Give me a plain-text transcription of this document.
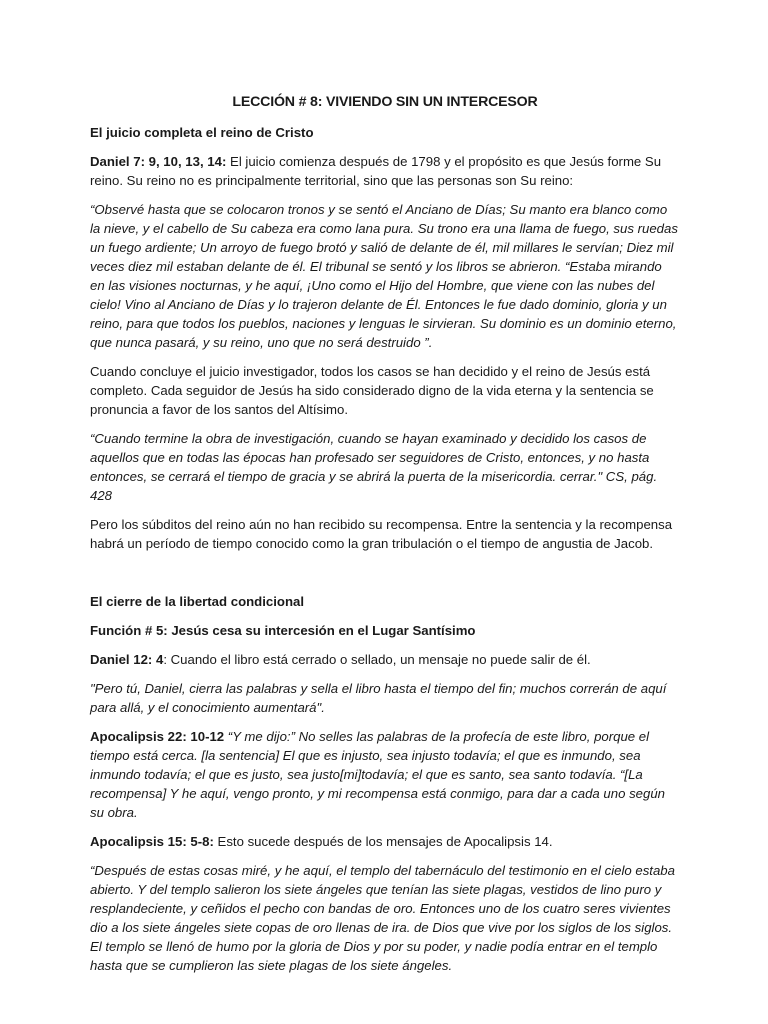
LECCIÓN # 8: VIVIENDO SIN UN INTERCESOR

El juicio completa el reino de Cristo

Daniel 7: 9, 10, 13, 14: El juicio comienza después de 1798 y el propósito es que Jesús forme Su reino. Su reino no es principalmente territorial, sino que las personas son Su reino:

“Observé hasta que se colocaron tronos y se sentó el Anciano de Días; Su manto era blanco como la nieve, y el cabello de Su cabeza era como lana pura. Su trono era una llama de fuego, sus ruedas un fuego ardiente; Un arroyo de fuego brotó y salió de delante de él, mil millares le servían; Diez mil veces diez mil estaban delante de él. El tribunal se sentó y los libros se abrieron. “Estaba mirando en las visiones nocturnas, y he aquí, ¡Uno como el Hijo del Hombre, que viene con las nubes del cielo! Vino al Anciano de Días y lo trajeron delante de Él. Entonces le fue dado dominio, gloria y un reino, para que todos los pueblos, naciones y lenguas le sirvieran. Su dominio es un dominio eterno, que nunca pasará, y su reino, uno que no será destruido ”.

Cuando concluye el juicio investigador, todos los casos se han decidido y el reino de Jesús está completo. Cada seguidor de Jesús ha sido considerado digno de la vida eterna y la sentencia se pronuncia a favor de los santos del Altísimo.

“Cuando termine la obra de investigación, cuando se hayan examinado y decidido los casos de aquellos que en todas las épocas han profesado ser seguidores de Cristo, entonces, y no hasta entonces, se cerrará el tiempo de gracia y se abrirá la puerta de la misericordia. cerrar." CS, pág. 428

Pero los súbditos del reino aún no han recibido su recompensa. Entre la sentencia y la recompensa habrá un período de tiempo conocido como la gran tribulación o el tiempo de angustia de Jacob.

El cierre de la libertad condicional

Función # 5: Jesús cesa su intercesión en el Lugar Santísimo

Daniel 12: 4: Cuando el libro está cerrado o sellado, un mensaje no puede salir de él.

"Pero tú, Daniel, cierra las palabras y sella el libro hasta el tiempo del fin; muchos correrán de aquí para allá, y el conocimiento aumentará".

Apocalipsis 22: 10-12 “Y me dijo:” No selles las palabras de la profecía de este libro, porque el tiempo está cerca. [la sentencia] El que es injusto, sea injusto todavía; el que es inmundo, sea inmundo todavía; el que es justo, sea justo[mi]todavía; el que es santo, sea santo todavía. “[La recompensa] Y he aquí, vengo pronto, y mi recompensa está conmigo, para dar a cada uno según su obra.

Apocalipsis 15: 5-8: Esto sucede después de los mensajes de Apocalipsis 14.

“Después de estas cosas miré, y he aquí, el templo del tabernáculo del testimonio en el cielo estaba abierto. Y del templo salieron los siete ángeles que tenían las siete plagas, vestidos de lino puro y resplandeciente, y ceñidos el pecho con bandas de oro. Entonces uno de los cuatro seres vivientes dio a los siete ángeles siete copas de oro llenas de ira. de Dios que vive por los siglos de los siglos. El templo se llenó de humo por la gloria de Dios y por su poder, y nadie podía entrar en el templo hasta que se cumplieron las siete plagas de los siete ángeles.
